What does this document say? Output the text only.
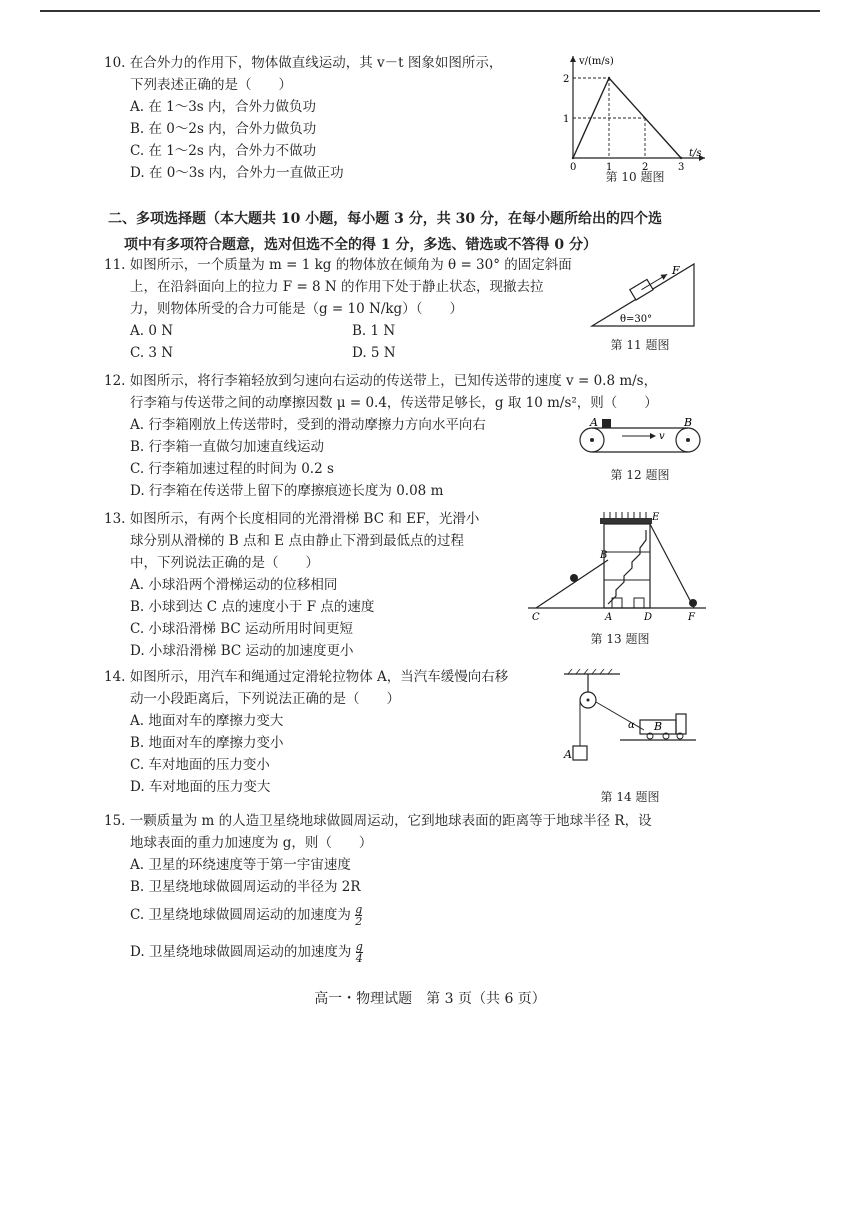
10. 在合外力的作用下，物体做直线运动，其 v－t 图象如图所示，
下列表述正确的是（　　）
A. 在 1～3s 内，合外力做负功
B. 在 0～2s 内，合外力做负功
C. 在 1～2s 内，合外力不做功
D. 在 0～3s 内，合外力一直做正功	0	1	2	3
1
2
v/(m/s)
t/s
第 10 题图
二、多项选择题（本大题共 10 小题，每小题 3 分，共 30 分，在每小题所给出的四个选
项中有多项符合题意，选对但选不全的得 1 分，多选、错选或不答得 0 分）
11. 如图所示，一个质量为 m = 1 kg 的物体放在倾角为 θ = 30° 的固定斜面
上，在沿斜面向上的拉力 F = 8 N 的作用下处于静止状态，现撤去拉
力，则物体所受的合力可能是（g = 10 N/kg）（　　）
A. 0 N	B. 1 N
C. 3 N	D. 5 N
F
θ=30°
第 11 题图
12. 如图所示，将行李箱轻放到匀速向右运动的传送带上，已知传送带的速度 v = 0.8 m/s，
行李箱与传送带之间的动摩擦因数 μ = 0.4，传送带足够长，g 取 10 m/s²，则（　　）
A. 行李箱刚放上传送带时，受到的滑动摩擦力方向水平向右
B. 行李箱一直做匀加速直线运动
C. 行李箱加速过程的时间为 0.2 s
D. 行李箱在传送带上留下的摩擦痕迹长度为 0.08 m
A	B
v
第 12 题图
13. 如图所示，有两个长度相同的光滑滑梯 BC 和 EF，光滑小
球分别从滑梯的 B 点和 E 点由静止下滑到最低点的过程
中，下列说法正确的是（　　）
A. 小球沿两个滑梯运动的位移相同
B. 小球到达 C 点的速度小于 F 点的速度
C. 小球沿滑梯 BC 运动所用时间更短
D. 小球沿滑梯 BC 运动的加速度更小
E
B
C	A	D	F
第 13 题图
14. 如图所示，用汽车和绳通过定滑轮拉物体 A，当汽车缓慢向右移
动一小段距离后，下列说法正确的是（　　）
A. 地面对车的摩擦力变大
B. 地面对车的摩擦力变小
C. 车对地面的压力变小
D. 车对地面的压力变大
A
B
α
第 14 题图
15. 一颗质量为 m 的人造卫星绕地球做圆周运动，它到地球表面的距离等于地球半径 R，设
地球表面的重力加速度为 g，则（　　）
A. 卫星的环绕速度等于第一宇宙速度
B. 卫星绕地球做圆周运动的半径为 2R
C. 卫星绕地球做圆周运动的加速度为 $\frac{g}{2}$
D. 卫星绕地球做圆周运动的加速度为 $\frac{g}{4}$
高一・物理试题　第 3 页（共 6 页）
